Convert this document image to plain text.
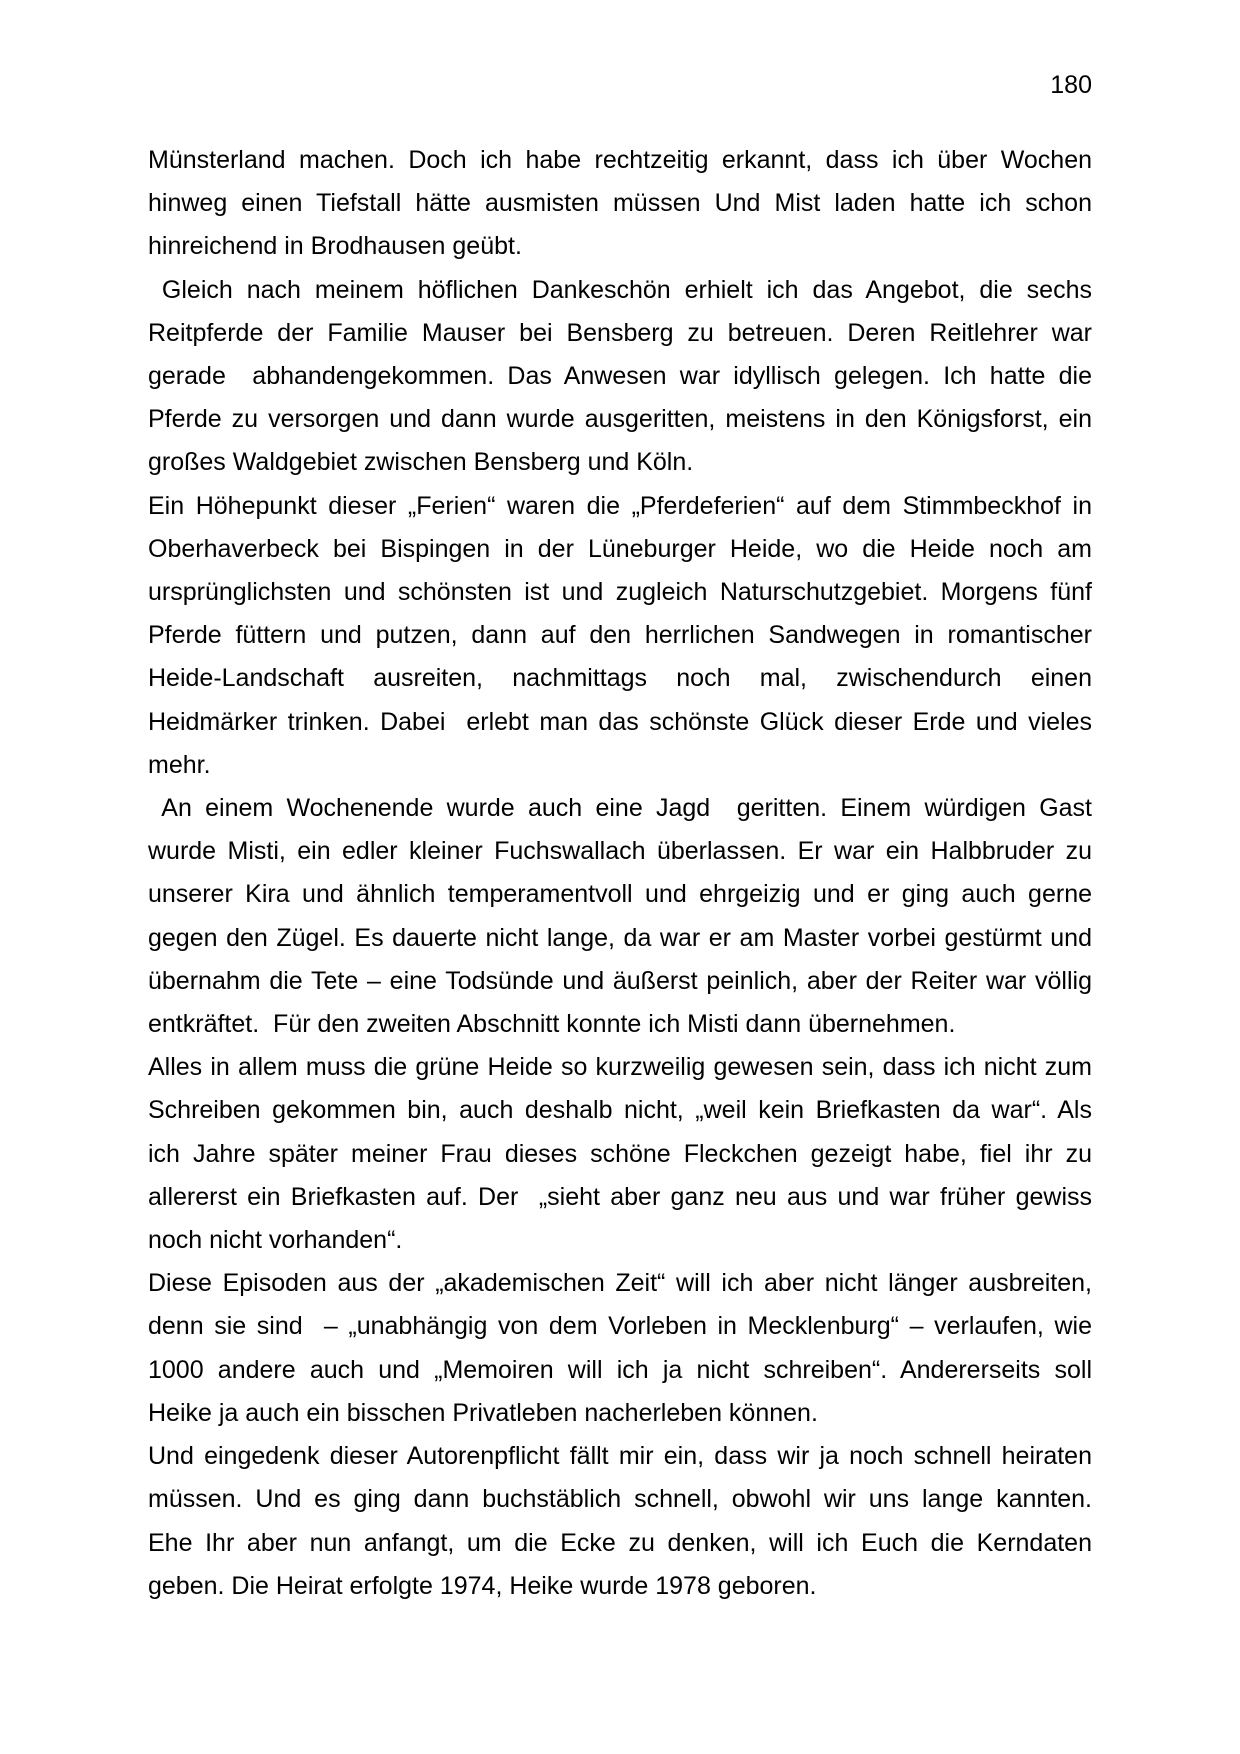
180
Münsterland machen. Doch ich habe rechtzeitig erkannt, dass ich über Wochen
hinweg einen Tiefstall hätte ausmisten müssen Und Mist laden hatte ich schon
hinreichend in Brodhausen geübt.
Gleich nach meinem höflichen Dankeschön erhielt ich das Angebot, die sechs
Reitpferde der Familie Mauser bei Bensberg zu betreuen. Deren Reitlehrer war
gerade  abhandengekommen. Das Anwesen war idyllisch gelegen. Ich hatte die
Pferde zu versorgen und dann wurde ausgeritten, meistens in den Königsforst, ein
großes Waldgebiet zwischen Bensberg und Köln.
Ein Höhepunkt dieser „Ferien“ waren die „Pferdeferien“ auf dem Stimmbeckhof in
Oberhaverbeck bei Bispingen in der Lüneburger Heide, wo die Heide noch am
ursprünglichsten und schönsten ist und zugleich Naturschutzgebiet. Morgens fünf
Pferde füttern und putzen, dann auf den herrlichen Sandwegen in romantischer
Heide-Landschaft ausreiten, nachmittags noch mal, zwischendurch einen
Heidmärker trinken. Dabei  erlebt man das schönste Glück dieser Erde und vieles
mehr.
An einem Wochenende wurde auch eine Jagd  geritten. Einem würdigen Gast
wurde Misti, ein edler kleiner Fuchswallach überlassen. Er war ein Halbbruder zu
unserer Kira und ähnlich temperamentvoll und ehrgeizig und er ging auch gerne
gegen den Zügel. Es dauerte nicht lange, da war er am Master vorbei gestürmt und
übernahm die Tete – eine Todsünde und äußerst peinlich, aber der Reiter war völlig
entkräftet.  Für den zweiten Abschnitt konnte ich Misti dann übernehmen.
Alles in allem muss die grüne Heide so kurzweilig gewesen sein, dass ich nicht zum
Schreiben gekommen bin, auch deshalb nicht, „weil kein Briefkasten da war“. Als
ich Jahre später meiner Frau dieses schöne Fleckchen gezeigt habe, fiel ihr zu
allererst ein Briefkasten auf. Der  „sieht aber ganz neu aus und war früher gewiss
noch nicht vorhanden“.
Diese Episoden aus der „akademischen Zeit“ will ich aber nicht länger ausbreiten,
denn sie sind  – „unabhängig von dem Vorleben in Mecklenburg“ – verlaufen, wie
1000 andere auch und „Memoiren will ich ja nicht schreiben“. Andererseits soll
Heike ja auch ein bisschen Privatleben nacherleben können.
Und eingedenk dieser Autorenpflicht fällt mir ein, dass wir ja noch schnell heiraten
müssen. Und es ging dann buchstäblich schnell, obwohl wir uns lange kannten.
Ehe Ihr aber nun anfangt, um die Ecke zu denken, will ich Euch die Kerndaten
geben. Die Heirat erfolgte 1974, Heike wurde 1978 geboren.
